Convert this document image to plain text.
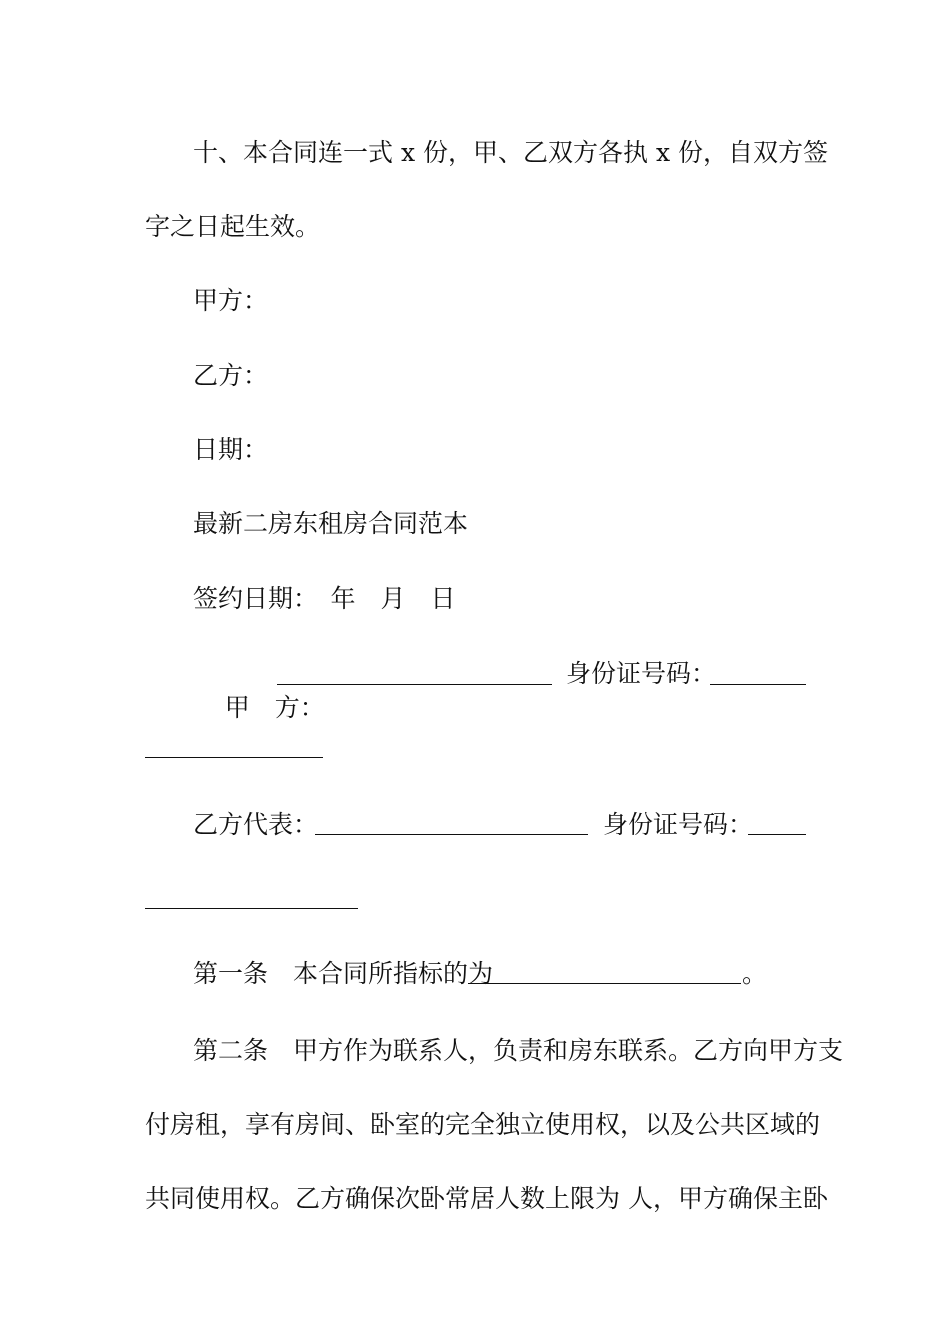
十、本合同连一式 x 份，甲、乙双方各执 x 份，自双方签
字之日起生效。
甲方：
乙方：
日期：
最新二房东租房合同范本
签约日期：　年　月　日

甲　方：

身份证号码：
乙方代表：	身份证号码：
第一条　本合同所指标的为	。
第二条　甲方作为联系人，负责和房东联系。乙方向甲方支
付房租，享有房间、卧室的完全独立使用权，以及公共区域的
共同使用权。乙方确保次卧常居人数上限为 人，甲方确保主卧
